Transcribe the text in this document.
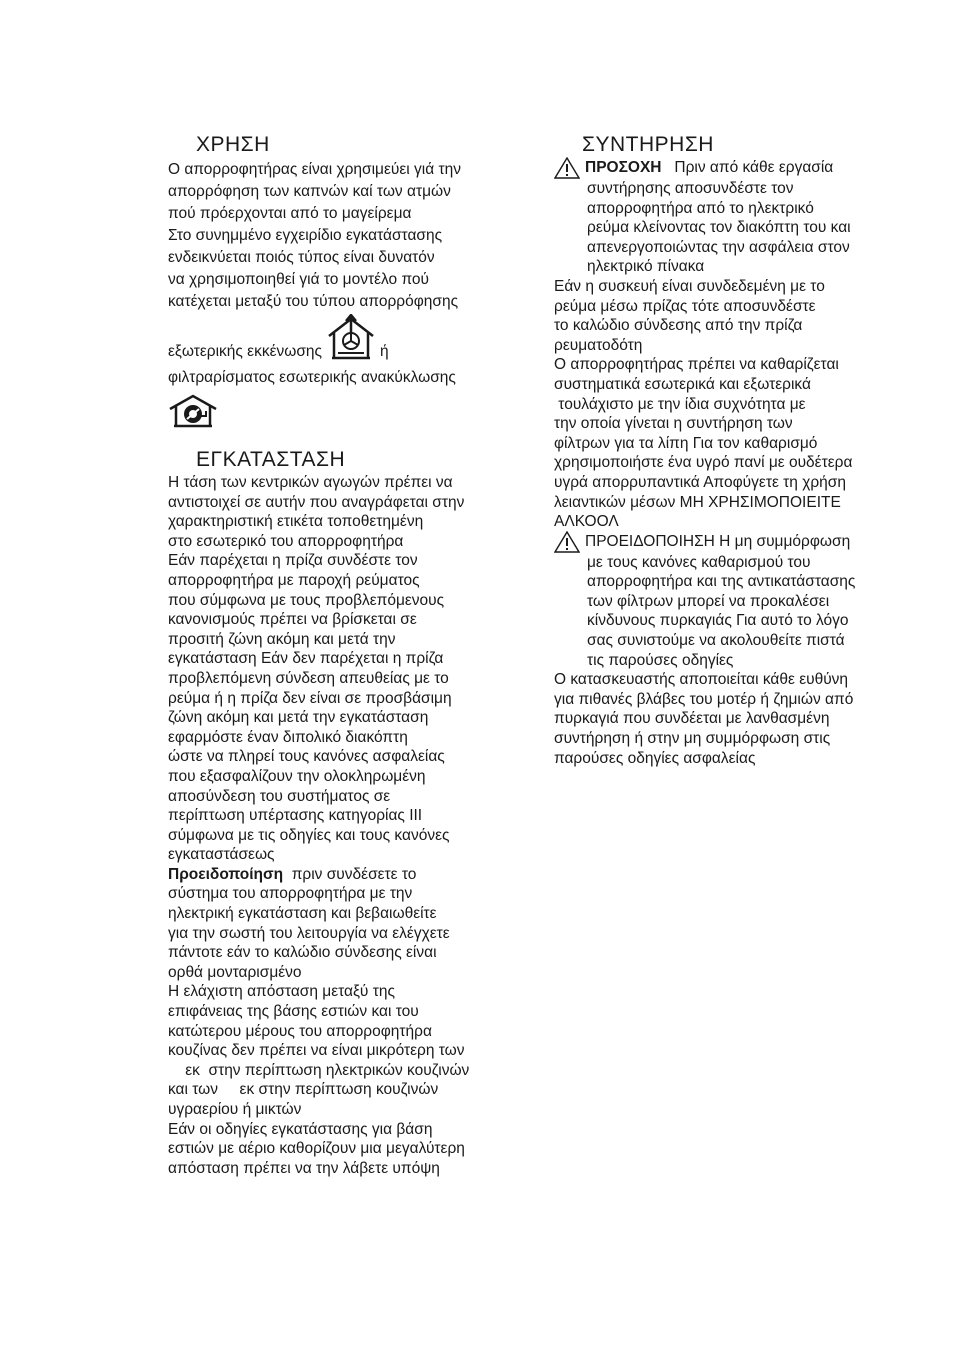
ΧΡΗΣΗ
Ο απορροφητήρας είναι χρησιμεύει γιά την
απορρόφηση των καπνών καί των ατμών
πού πρόερχονται από το μαγείρεμα
Στο συνημμένο εγχειρίδιο εγκατάστασης
ενδεικνύεται ποιός τύπος είναι δυνατόν
να χρησιμοποιηθεί γιά το μοντέλο πού
κατέχεται μεταξύ του τύπου απορρόφησης
εξωτερικής εκκένωσης	ή
φιλτραρίσματος εσωτερικής ανακύκλωσης
ΕΓΚΑΤΑΣΤΑΣΗ
Η τάση των κεντρικών αγωγών πρέπει να
αντιστοιχεί σε αυτήν που αναγράφεται στην
χαρακτηριστική ετικέτα τοποθετημένη
στο εσωτερικό του απορροφητήρα
Εάν παρέχεται η πρίζα συνδέστε τον
απορροφητήρα με παροχή ρεύματος
που σύμφωνα με τους προβλεπόμενους
κανονισμούς πρέπει να βρίσκεται σε
προσιτή ζώνη ακόμη και μετά την
εγκατάσταση Εάν δεν παρέχεται η πρίζα
προβλεπόμενη σύνδεση απευθείας με το
ρεύμα ή η πρίζα δεν είναι σε προσβάσιμη
ζώνη ακόμη και μετά την εγκατάσταση
εφαρμόστε έναν διπολικό διακόπτη
ώστε να πληρεί τους κανόνες ασφαλείας
που εξασφαλίζουν την ολοκληρωμένη
αποσύνδεση του συστήματος σε
περίπτωση υπέρτασης κατηγορίας ΙΙΙ
σύμφωνα με τις οδηγίες και τους κανόνες
εγκαταστάσεως
Προειδοποίηση  πριν συνδέσετε το
σύστημα του απορροφητήρα με την
ηλεκτρική εγκατάσταση και βεβαιωθείτε
για την σωστή του λειτουργία να ελέγχετε
πάντοτε εάν το καλώδιο σύνδεσης είναι
ορθά μονταρισμένο
Η ελάχιστη απόσταση μεταξύ της
επιφάνειας της βάσης εστιών και του
κατώτερου μέρους του απορροφητήρα
κουζίνας δεν πρέπει να είναι μικρότερη των
εκ  στην περίπτωση ηλεκτρικών κουζινών
και των     εκ στην περίπτωση κουζινών
υγραερίου ή μικτών
Εάν οι οδηγίες εγκατάστασης για βάση
εστιών με αέριο καθορίζουν μια μεγαλύτερη
απόσταση πρέπει να την λάβετε υπόψη
ΣΥΝΤΗΡΗΣΗ
ΠΡΟΣΟΧΗ Πριν από κάθε εργασία
συντήρησης αποσυνδέστε τον
απορροφητήρα από το ηλεκτρικό
ρεύμα κλείνοντας τον διακόπτη του και
απενεργοποιώντας την ασφάλεια στον
ηλεκτρικό πίνακα
Εάν η συσκευή είναι συνδεδεμένη με το
ρεύμα μέσω πρίζας τότε αποσυνδέστε
το καλώδιο σύνδεσης από την πρίζα
ρευματοδότη
Ο απορροφητήρας πρέπει να καθαρίζεται
συστηματικά εσωτερικά και εξωτερικά
τουλάχιστο με την ίδια συχνότητα με
την οποία γίνεται η συντήρηση των
φίλτρων για τα λίπη Για τον καθαρισμό
χρησιμοποιήστε ένα υγρό πανί με ουδέτερα
υγρά απορρυπαντικά Αποφύγετε τη χρήση
λειαντικών μέσων ΜΗ ΧΡΗΣΙΜΟΠΟΙΕΙΤΕ
ΑΛΚΟΟΛ
ΠΡΟΕΙΔΟΠΟΙΗΣΗ Η μη συμμόρφωση
με τους κανόνες καθαρισμού του
απορροφητήρα και της αντικατάστασης
των φίλτρων μπορεί να προκαλέσει
κίνδυνους πυρκαγιάς Για αυτό το λόγο
σας συνιστούμε να ακολουθείτε πιστά
τις παρούσες οδηγίες
Ο κατασκευαστής αποποιείται κάθε ευθύνη
για πιθανές βλάβες του μοτέρ ή ζημιών από
πυρκαγιά που συνδέεται με λανθασμένη
συντήρηση ή στην μη συμμόρφωση στις
παρούσες οδηγίες ασφαλείας
